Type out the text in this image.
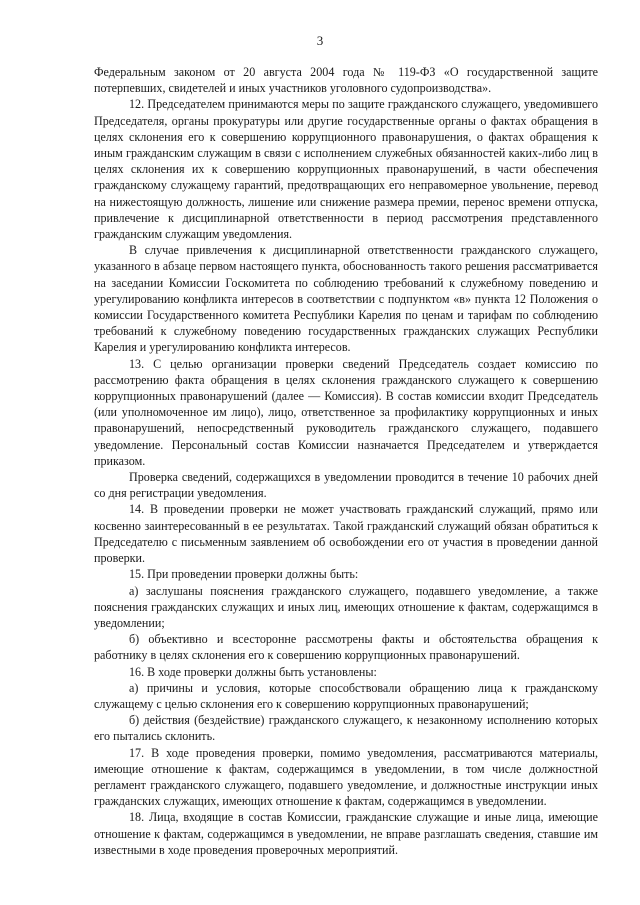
3

Федеральным законом от 20 августа 2004 года № 119-ФЗ «О государственной защите потерпевших, свидетелей и иных участников уголовного судопроизводства».

12. Председателем принимаются меры по защите гражданского служащего, уведомившего Председателя, органы прокуратуры или другие государственные органы о фактах обращения в целях склонения его к совершению коррупционного правонарушения, о фактах обращения к иным гражданским служащим в связи с исполнением служебных обязанностей каких-либо лиц в целях склонения их к совершению коррупционных правонарушений, в части обеспечения гражданскому служащему гарантий, предотвращающих его неправомерное увольнение, перевод на нижестоящую должность, лишение или снижение размера премии, перенос времени отпуска, привлечение к дисциплинарной ответственности в период рассмотрения представленного гражданским служащим уведомления.

В случае привлечения к дисциплинарной ответственности гражданского служащего, указанного в абзаце первом настоящего пункта, обоснованность такого решения рассматривается на заседании Комиссии Госкомитета по соблюдению требований к служебному поведению и урегулированию конфликта интересов в соответствии с подпунктом «в» пункта 12 Положения о комиссии Государственного комитета Республики Карелия по ценам и тарифам по соблюдению требований к служебному поведению государственных гражданских служащих Республики Карелия и урегулированию конфликта интересов.

13. С целью организации проверки сведений Председатель создает комиссию по рассмотрению факта обращения в целях склонения гражданского служащего к совершению коррупционных правонарушений (далее — Комиссия). В состав комиссии входит Председатель (или уполномоченное им лицо), лицо, ответственное за профилактику коррупционных и иных правонарушений, непосредственный руководитель гражданского служащего, подавшего уведомление. Персональный состав Комиссии назначается Председателем и утверждается приказом.

Проверка сведений, содержащихся в уведомлении проводится в течение 10 рабочих дней со дня регистрации уведомления.

14. В проведении проверки не может участвовать гражданский служащий, прямо или косвенно заинтересованный в ее результатах. Такой гражданский служащий обязан обратиться к Председателю с письменным заявлением об освобождении его от участия в проведении данной проверки.

15. При проведении проверки должны быть:

а) заслушаны пояснения гражданского служащего, подавшего уведомление, а также пояснения гражданских служащих и иных лиц, имеющих отношение к фактам, содержащимся в уведомлении;

б) объективно и всесторонне рассмотрены факты и обстоятельства обращения к работнику в целях склонения его к совершению коррупционных правонарушений.

16. В ходе проверки должны быть установлены:

а) причины и условия, которые способствовали обращению лица к гражданскому служащему с целью склонения его к совершению коррупционных правонарушений;

б) действия (бездействие) гражданского служащего, к незаконному исполнению которых его пытались склонить.

17. В ходе проведения проверки, помимо уведомления, рассматриваются материалы, имеющие отношение к фактам, содержащимся в уведомлении, в том числе должностной регламент гражданского служащего, подавшего уведомление, и должностные инструкции иных гражданских служащих, имеющих отношение к фактам, содержащимся в уведомлении.

18. Лица, входящие в состав Комиссии, гражданские служащие и иные лица, имеющие отношение к фактам, содержащимся в уведомлении, не вправе разглашать сведения, ставшие им известными в ходе проведения проверочных мероприятий.
